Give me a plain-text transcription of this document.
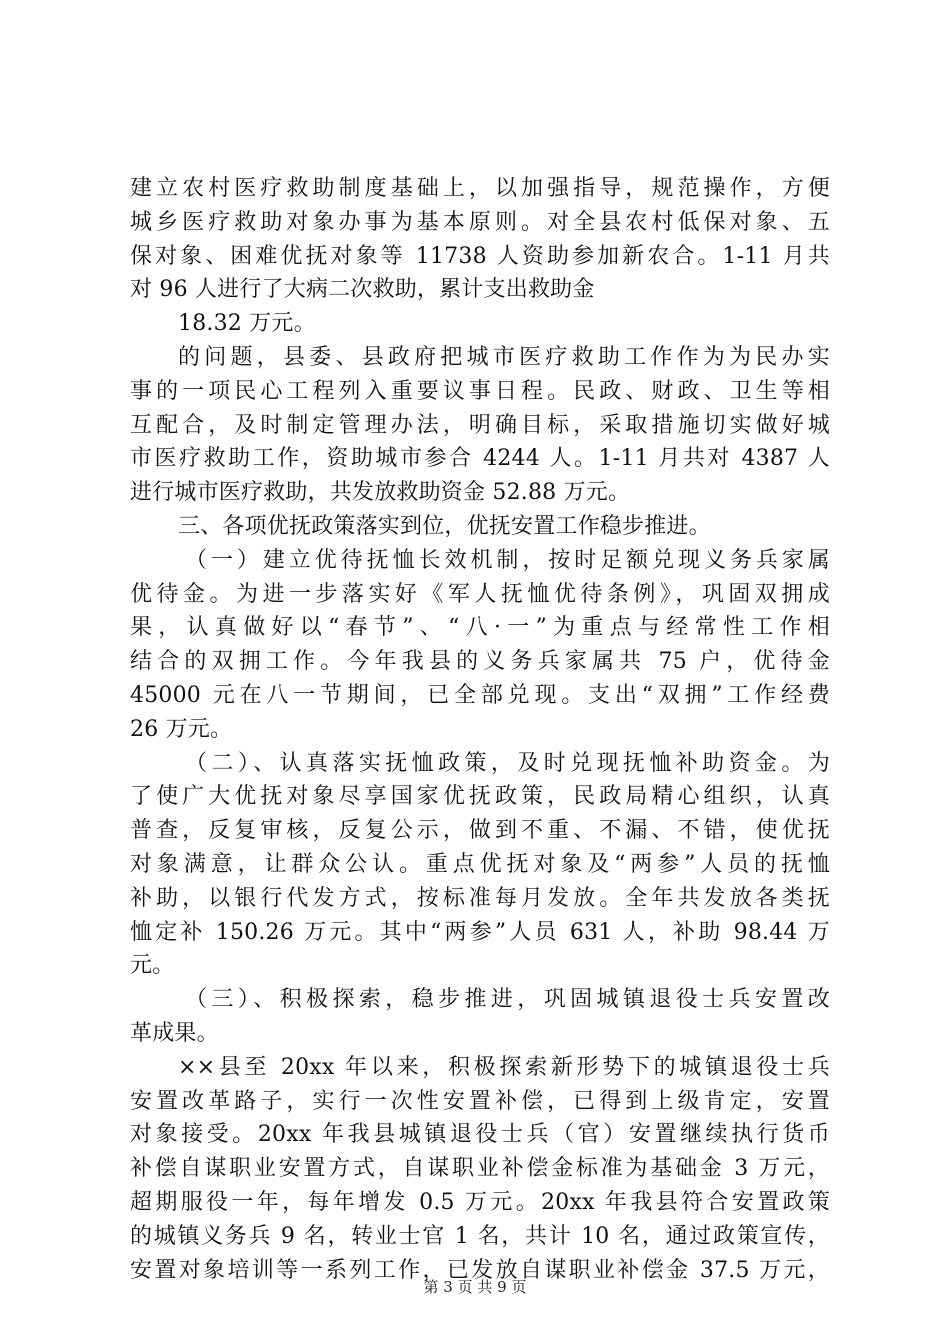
建立农村医疗救助制度基础上，以加强指导，规范操作，方便
城乡医疗救助对象办事为基本原则。对全县农村低保对象、五
保对象、困难优抚对象等 11738 人资助参加新农合。1-11 月共
对 96 人进行了大病二次救助，累计支出救助金
18.32 万元。
的问题，县委、县政府把城市医疗救助工作作为为民办实
事的一项民心工程列入重要议事日程。民政、财政、卫生等相
互配合，及时制定管理办法，明确目标，采取措施切实做好城
市医疗救助工作，资助城市参合 4244 人。1-11 月共对 4387 人
进行城市医疗救助，共发放救助资金 52.88 万元。
三、各项优抚政策落实到位，优抚安置工作稳步推进。
（一）建立优待抚恤长效机制，按时足额兑现义务兵家属
优待金。为进一步落实好《军人抚恤优待条例》，巩固双拥成
果，认真做好以“春节”、“八·一”为重点与经常性工作相
结合的双拥工作。今年我县的义务兵家属共 75 户，优待金
45000 元在八一节期间，已全部兑现。支出“双拥”工作经费
26 万元。
（二）、认真落实抚恤政策，及时兑现抚恤补助资金。为
了使广大优抚对象尽享国家优抚政策，民政局精心组织，认真
普查，反复审核，反复公示，做到不重、不漏、不错，使优抚
对象满意，让群众公认。重点优抚对象及“两参”人员的抚恤
补助，以银行代发方式，按标准每月发放。全年共发放各类抚
恤定补 150.26 万元。其中“两参”人员 631 人，补助 98.44 万
元。
（三）、积极探索，稳步推进，巩固城镇退役士兵安置改
革成果。
××县至 20xx 年以来，积极探索新形势下的城镇退役士兵
安置改革路子，实行一次性安置补偿，已得到上级肯定，安置
对象接受。20xx 年我县城镇退役士兵（官）安置继续执行货币
补偿自谋职业安置方式，自谋职业补偿金标准为基础金 3 万元，
超期服役一年，每年增发 0.5 万元。20xx 年我县符合安置政策
的城镇义务兵 9 名，转业士官 1 名，共计 10 名，通过政策宣传，
安置对象培训等一系列工作，已发放自谋职业补偿金 37.5 万元，
第 3 页 共 9 页
